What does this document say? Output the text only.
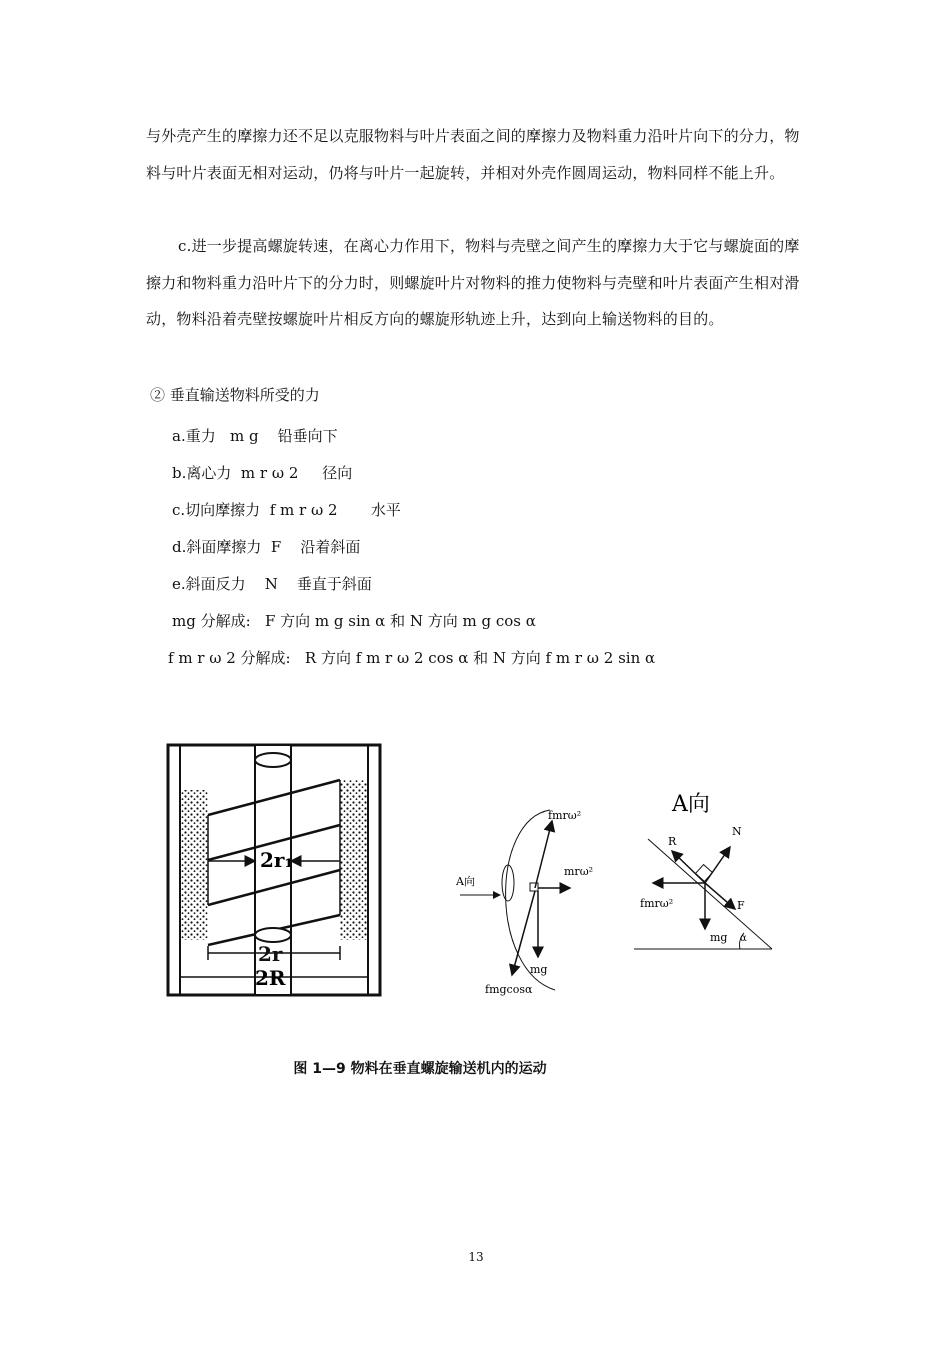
与外壳产生的摩擦力还不足以克服物料与叶片表面之间的摩擦力及物料重力沿叶片向下的分力，物料与叶片表面无相对运动，仍将与叶片一起旋转，并相对外壳作圆周运动，物料同样不能上升。

c.进一步提高螺旋转速，在离心力作用下，物料与壳壁之间产生的摩擦力大于它与螺旋面的摩擦力和物料重力沿叶片下的分力时，则螺旋叶片对物料的推力使物料与壳壁和叶片表面产生相对滑动，物料沿着壳壁按螺旋叶片相反方向的螺旋形轨迹上升，达到向上输送物料的目的。

② 垂直输送物料所受的力
a.重力   m g    铅垂向下
b.离心力  m r ω 2     径向
c.切向摩擦力  f m r ω 2       水平
d.斜面摩擦力  F    沿着斜面
e.斜面反力    N    垂直于斜面
mg 分解成:   F 方向 m g sin α 和 N 方向 m g cos α
f m r ω 2 分解成:   R 方向 f m r ω 2 cos α 和 N 方向 f m r ω 2 sin α
2r₁
2r
2R
A向
fmrω²
mrω²
mg
fmgcosα
A向
R
N
fmrω²	F
mg α
图 1—9 物料在垂直螺旋输送机内的运动
13
